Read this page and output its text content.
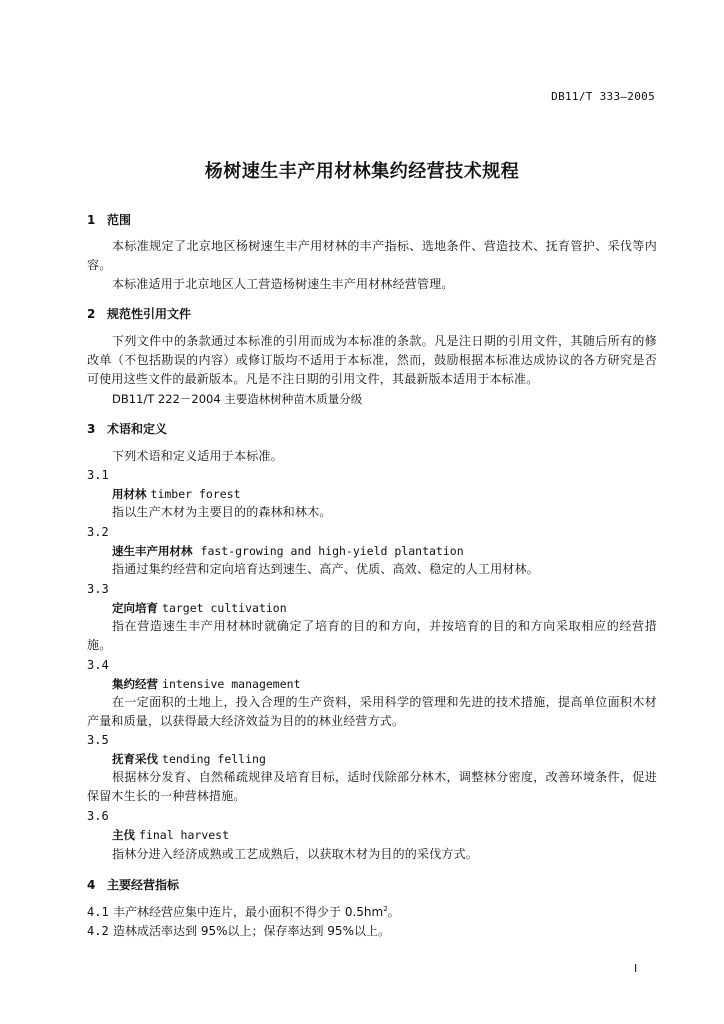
DB11/T 333—2005
杨树速生丰产用材林集约经营技术规程
1 范围
本标准规定了北京地区杨树速生丰产用材林的丰产指标、选地条件、营造技术、抚育管护、采伐等内容。
本标准适用于北京地区人工营造杨树速生丰产用材林经营管理。
2 规范性引用文件
下列文件中的条款通过本标准的引用而成为本标准的条款。凡是注日期的引用文件，其随后所有的修改单（不包括勘误的内容）或修订版均不适用于本标准，然而，鼓励根据本标准达成协议的各方研究是否可使用这些文件的最新版本。凡是不注日期的引用文件，其最新版本适用于本标准。
DB11/T 222－2004 主要造林树种苗木质量分级
3 术语和定义
下列术语和定义适用于本标准。
3.1
用材林 timber forest
指以生产木材为主要目的的森林和林木。
3.2
速生丰产用材林 fast-growing and high-yield plantation
指通过集约经营和定向培育达到速生、高产、优质、高效、稳定的人工用材林。
3.3
定向培育 target cultivation
指在营造速生丰产用材林时就确定了培育的目的和方向，并按培育的目的和方向采取相应的经营措施。
3.4
集约经营 intensive management
在一定面积的土地上，投入合理的生产资料，采用科学的管理和先进的技术措施，提高单位面积木材产量和质量，以获得最大经济效益为目的的林业经营方式。
3.5
抚育采伐 tending felling
根据林分发育、自然稀疏规律及培育目标，适时伐除部分林木，调整林分密度，改善环境条件，促进保留木生长的一种营林措施。
3.6
主伐 final harvest
指林分进入经济成熟或工艺成熟后，以获取木材为目的的采伐方式。
4 主要经营指标
4.1 丰产林经营应集中连片，最小面积不得少于 $0.5hm^2$。
4.2 造林成活率达到 95%以上；保存率达到 95%以上。
I
